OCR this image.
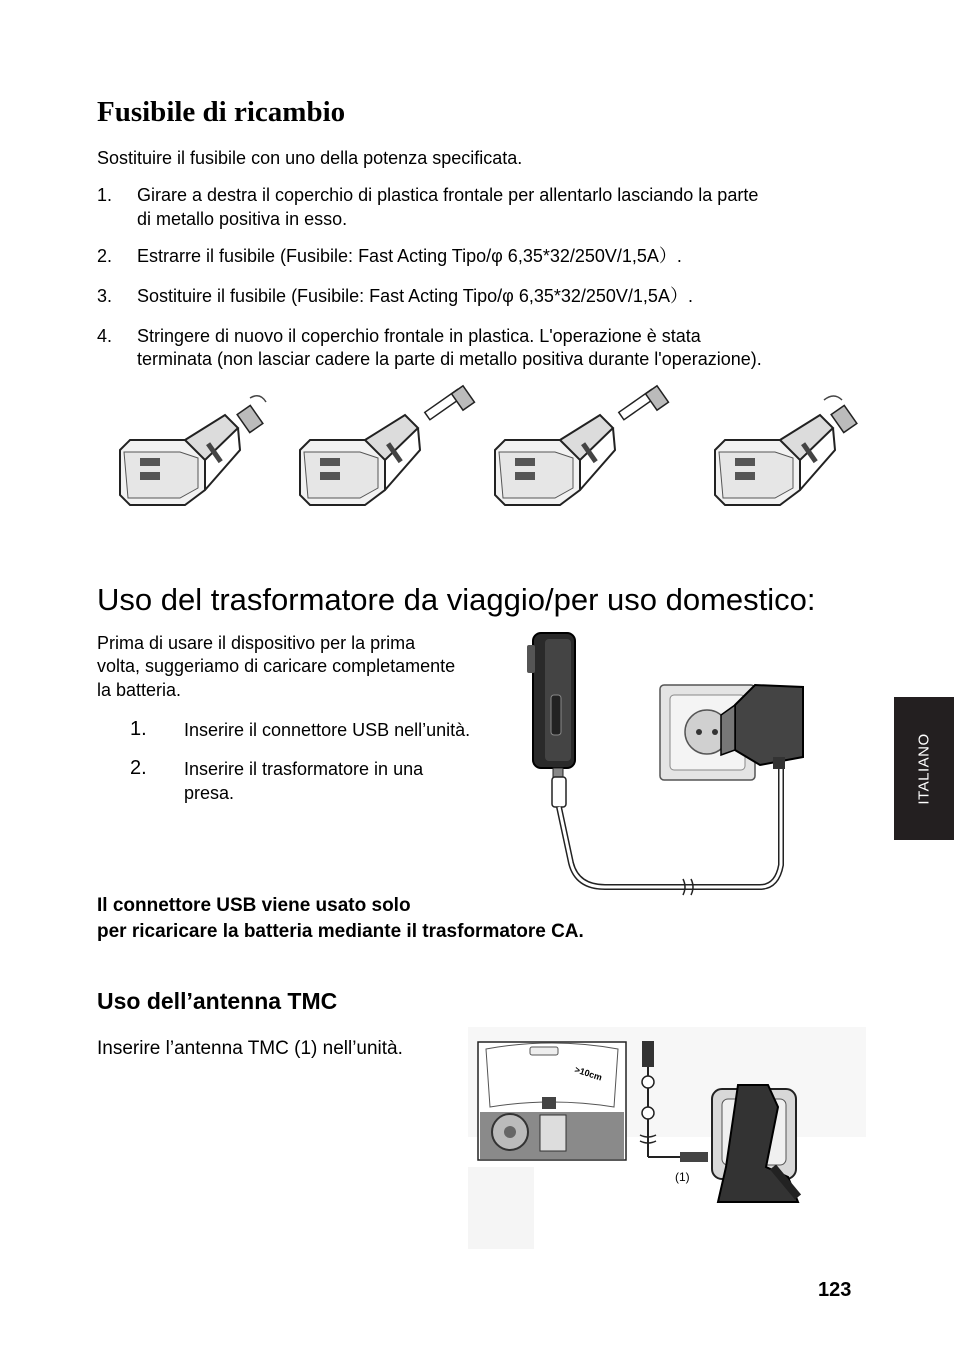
Fusibile di ricambio

Sostituire il fusibile con uno della potenza specificata.

1. Girare a destra il coperchio di plastica frontale per allentarlo lasciando la parte
di metallo positiva in esso.
2. Estrarre il fusibile (Fusibile: Fast Acting Tipo/φ 6,35*32/250V/1,5A）.
3. Sostituire il fusibile (Fusibile: Fast Acting Tipo/φ 6,35*32/250V/1,5A）.
4. Stringere di nuovo il coperchio frontale in plastica. L'operazione è stata
terminata (non lasciar cadere la parte di metallo positiva durante l'operazione).
Uso del trasformatore da viaggio/per uso domestico:
Prima di usare il dispositivo per la prima
volta, suggeriamo di caricare completamente
la batteria.
1. Inserire il connettore USB nell’unità.
2. Inserire il trasformatore in una
presa.
Il connettore USB viene usato solo
per ricaricare la batteria mediante il trasformatore CA.
Uso dell’antenna TMC
Inserire l’antenna TMC (1) nell’unità.
>10cm
(1)
ITALIANO
123
